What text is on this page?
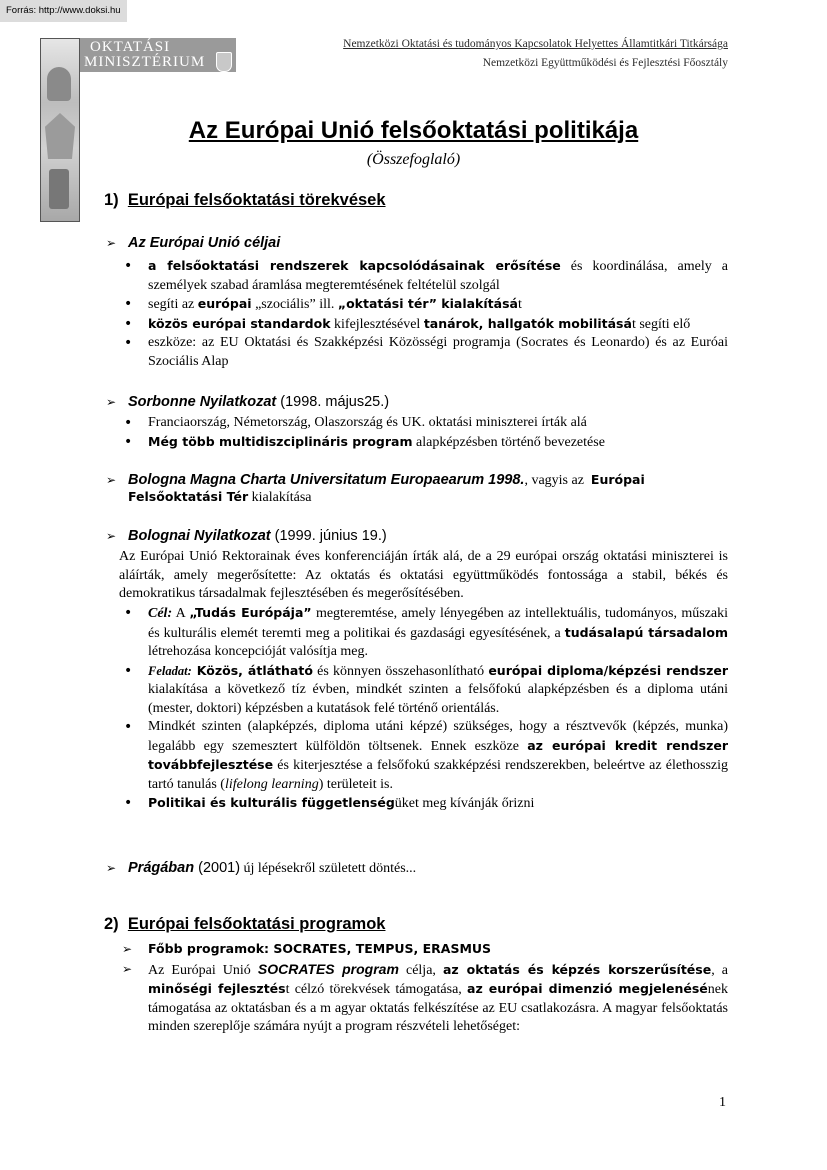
Forrás: http://www.doksi.hu
OKTATÁSI
MINISZTÉRIUM
Nemzetközi Oktatási és tudományos Kapcsolatok Helyettes Államtitkári Titkársága
Nemzetközi Együttműködési és Fejlesztési Főosztály
Az Európai Unió felsőoktatási politikája
(Összefoglaló)
1) Európai felsőoktatási törekvések
➢ Az Európai Unió céljai
• a felsőoktatási rendszerek kapcsolódásainak erősítése és koordinálása, amely a személyek szabad áramlása megteremtésének feltételül szolgál
• segíti az európai „szociális” ill. „oktatási tér” kialakítását
• közös európai standardok kifejlesztésével tanárok, hallgatók mobilitását segíti elő
• eszköze: az EU Oktatási és Szakképzési Közösségi programja (Socrates és Leonardo) és az Euróai Szociális Alap
➢ Sorbonne Nyilatkozat (1998. május25.)
• Franciaország, Németország, Olaszország és UK. oktatási miniszterei írták alá
• Még több multidiszciplináris program alapképzésben történő bevezetése
➢ Bologna Magna Charta Universitatum Europaearum 1998., vagyis az  Európai
Felsőoktatási Tér kialakítása
➢ Bolognai Nyilatkozat (1999. június 19.)
Az Európai Unió Rektorainak éves konferenciáján írták alá, de a 29 európai ország oktatási miniszterei is aláírták, amely megerősítette: Az oktatás és oktatási együttműködés fontossága a stabil, békés és demokratikus társadalmak fejlesztésében és megerősítésében.
• Cél: A „Tudás Európája” megteremtése, amely lényegében az intellektuális, tudományos, műszaki és kulturális elemét teremti meg a politikai és gazdasági egyesítésének, a tudásalapú társadalom létrehozása koncepcióját valósítja meg.
• Feladat: Közös, átlátható és könnyen összehasonlítható európai diploma/képzési rendszer kialakítása a következő tíz évben, mindkét szinten a felsőfokú alapképzésben és a diploma utáni (mester, doktori) képzésben a kutatások felé történő orientálás.
• Mindkét szinten (alapképzés, diploma utáni képzé) szükséges, hogy a résztvevők (képzés, munka) legalább egy szemesztert külföldön töltsenek. Ennek eszköze az európai kredit rendszer továbbfejlesztése és kiterjesztése a felsőfokú szakképzési rendszerekben, beleértve az élethosszig tartó tanulás (lifelong learning) területeit is.
• Politikai és kulturális függetlenségüket meg kívánják őrizni
➢ Prágában (2001) új lépésekről született döntés...
2) Európai felsőoktatási programok
➢ Főbb programok: SOCRATES, TEMPUS, ERASMUS
➢ Az Európai Unió SOCRATES program célja, az oktatás és képzés korszerűsítése, a minőségi fejlesztést célzó törekvések támogatása, az európai dimenzió megjelenésének támogatása az oktatásban és a m agyar oktatás felkészítése az EU csatlakozásra. A magyar felsőoktatás minden szereplője számára nyújt a program részvételi lehetőséget:
1
